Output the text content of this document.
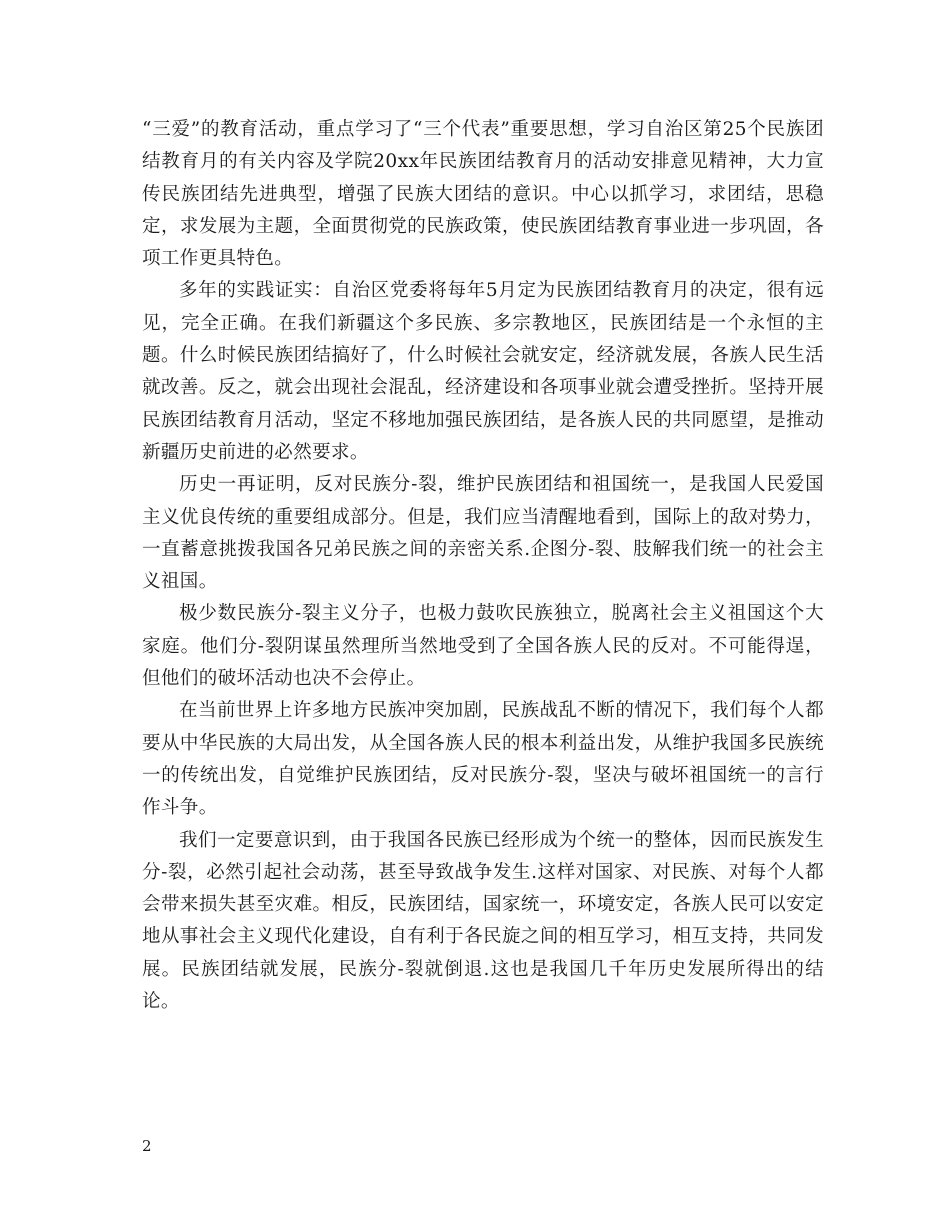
“三爱”的教育活动，重点学习了“三个代表”重要思想，学习自治区第25个民族团结教育月的有关内容及学院20xx年民族团结教育月的活动安排意见精神，大力宣传民族团结先进典型，增强了民族大团结的意识。中心以抓学习，求团结，思稳定，求发展为主题，全面贯彻党的民族政策，使民族团结教育事业进一步巩固，各项工作更具特色。

多年的实践证实：自治区党委将每年5月定为民族团结教育月的决定，很有远见，完全正确。在我们新疆这个多民族、多宗教地区，民族团结是一个永恒的主题。什么时候民族团结搞好了，什么时候社会就安定，经济就发展，各族人民生活就改善。反之，就会出现社会混乱，经济建设和各项事业就会遭受挫折。坚持开展民族团结教育月活动，坚定不移地加强民族团结，是各族人民的共同愿望，是推动新疆历史前进的必然要求。

历史一再证明，反对民族分-裂，维护民族团结和祖国统一，是我国人民爱国主义优良传统的重要组成部分。但是，我们应当清醒地看到，国际上的敌对势力，一直蓄意挑拨我国各兄弟民族之间的亲密关系.企图分-裂、肢解我们统一的社会主义祖国。

极少数民族分-裂主义分子，也极力鼓吹民族独立，脱离社会主义祖国这个大家庭。他们分-裂阴谋虽然理所当然地受到了全国各族人民的反对。不可能得逞，但他们的破坏活动也决不会停止。

在当前世界上许多地方民族冲突加剧，民族战乱不断的情况下，我们每个人都要从中华民族的大局出发，从全国各族人民的根本利益出发，从维护我国多民族统一的传统出发，自觉维护民族团结，反对民族分-裂，坚决与破坏祖国统一的言行作斗争。

我们一定要意识到，由于我国各民族已经形成为个统一的整体，因而民族发生分-裂，必然引起社会动荡，甚至导致战争发生.这样对国家、对民族、对每个人都会带来损失甚至灾难。相反，民族团结，国家统一，环境安定，各族人民可以安定地从事社会主义现代化建设，自有利于各民旋之间的相互学习，相互支持，共同发展。民族团结就发展，民族分-裂就倒退.这也是我国几千年历史发展所得出的结论。

2
